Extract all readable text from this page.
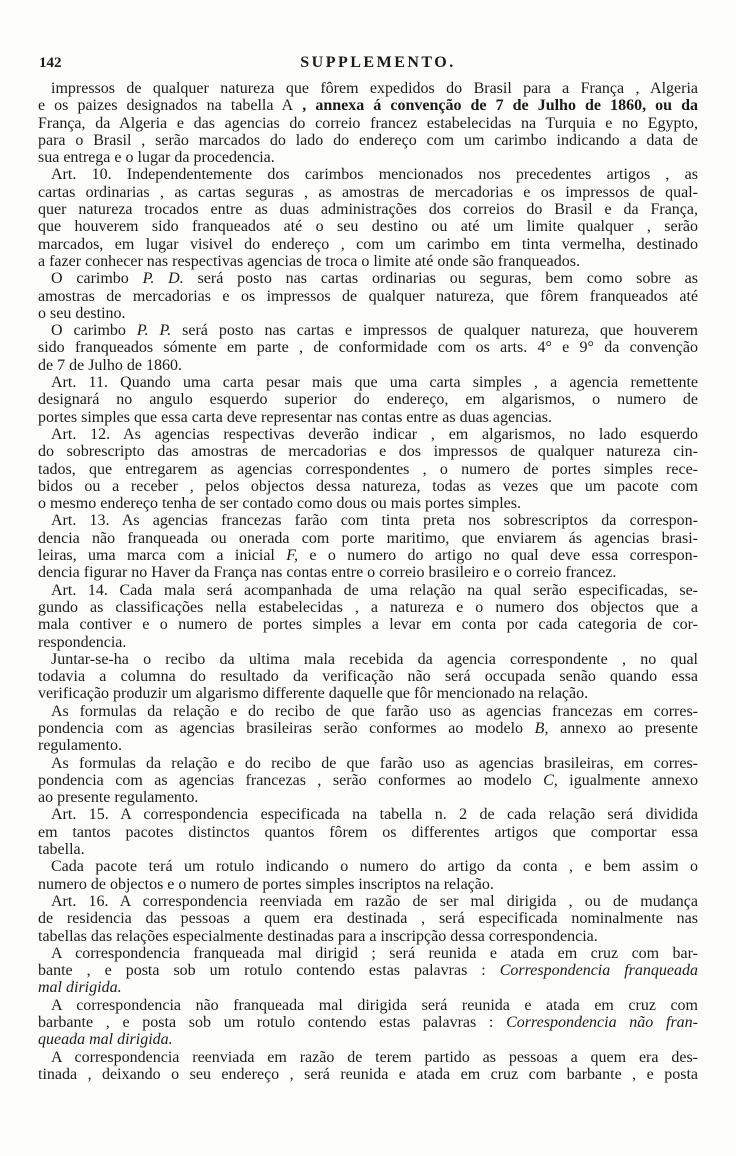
142	SUPPLEMENTO.
impressos de qualquer natureza que fôrem expedidos do Brasil para a França , Algeria
e os paizes designados na tabella A , annexa á convenção de 7 de Julho de 1860, ou da
França, da Algeria e das agencias do correio francez estabelecidas na Turquia e no Egypto,
para o Brasil , serão marcados do lado do endereço com um carimbo indicando a data de
sua entrega e o lugar da procedencia.
Art. 10. Independentemente dos carimbos mencionados nos precedentes artigos , as
cartas ordinarias , as cartas seguras , as amostras de mercadorias e os impressos de qual-
quer natureza trocados entre as duas administrações dos correios do Brasil e da França,
que houverem sido franqueados até o seu destino ou até um limite qualquer , serão
marcados, em lugar visivel do endereço , com um carimbo em tinta vermelha, destinado
a fazer conhecer nas respectivas agencias de troca o limite até onde são franqueados.
O carimbo P. D. será posto nas cartas ordinarias ou seguras, bem como sobre as
amostras de mercadorias e os impressos de qualquer natureza, que fôrem franqueados até
o seu destino.
O carimbo P. P. será posto nas cartas e impressos de qualquer natureza, que houverem
sido franqueados sómente em parte , de conformidade com os arts. 4° e 9° da convenção
de 7 de Julho de 1860.
Art. 11. Quando uma carta pesar mais que uma carta simples , a agencia remettente
designará no angulo esquerdo superior do endereço, em algarismos, o numero de
portes simples que essa carta deve representar nas contas entre as duas agencias.
Art. 12. As agencias respectivas deverão indicar , em algarismos, no lado esquerdo
do sobrescripto das amostras de mercadorias e dos impressos de qualquer natureza cin-
tados, que entregarem as agencias correspondentes , o numero de portes simples rece-
bidos ou a receber , pelos objectos dessa natureza, todas as vezes que um pacote com
o mesmo endereço tenha de ser contado como dous ou mais portes simples.
Art. 13. As agencias francezas farão com tinta preta nos sobrescriptos da correspon-
dencia não franqueada ou onerada com porte maritimo, que enviarem ás agencias brasi-
leiras, uma marca com a inicial F, e o numero do artigo no qual deve essa correspon-
dencia figurar no Haver da França nas contas entre o correio brasileiro e o correio francez.
Art. 14. Cada mala será acompanhada de uma relação na qual serão especificadas, se-
gundo as classificações nella estabelecidas , a natureza e o numero dos objectos que a
mala contiver e o numero de portes simples a levar em conta por cada categoria de cor-
respondencia.
Juntar-se-ha o recibo da ultima mala recebida da agencia correspondente , no qual
todavia a columna do resultado da verificação não será occupada senão quando essa
verificação produzir um algarismo differente daquelle que fôr mencionado na relação.
As formulas da relação e do recibo de que farão uso as agencias francezas em corres-
pondencia com as agencias brasileiras serão conformes ao modelo B, annexo ao presente
regulamento.
As formulas da relação e do recibo de que farão uso as agencias brasileiras, em corres-
pondencia com as agencias francezas , serão conformes ao modelo C, igualmente annexo
ao presente regulamento.
Art. 15. A correspondencia especificada na tabella n. 2 de cada relação será dividida
em tantos pacotes distinctos quantos fôrem os differentes artigos que comportar essa
tabella.
Cada pacote terá um rotulo indicando o numero do artigo da conta , e bem assim o
numero de objectos e o numero de portes simples inscriptos na relação.
Art. 16. A correspondencia reenviada em razão de ser mal dirigida , ou de mudança
de residencia das pessoas a quem era destinada , será especificada nominalmente nas
tabellas das relações especialmente destinadas para a inscripção dessa correspondencia.
A correspondencia franqueada mal dirigid ; será reunida e atada em cruz com bar-
bante , e posta sob um rotulo contendo estas palavras : Correspondencia franqueada
mal dirigida.
A correspondencia não franqueada mal dirigida será reunida e atada em cruz com
barbante , e posta sob um rotulo contendo estas palavras : Correspondencia não fran-
queada mal dirigida.
A correspondencia reenviada em razão de terem partido as pessoas a quem era des-
tinada , deixando o seu endereço , será reunida e atada em cruz com barbante , e posta
